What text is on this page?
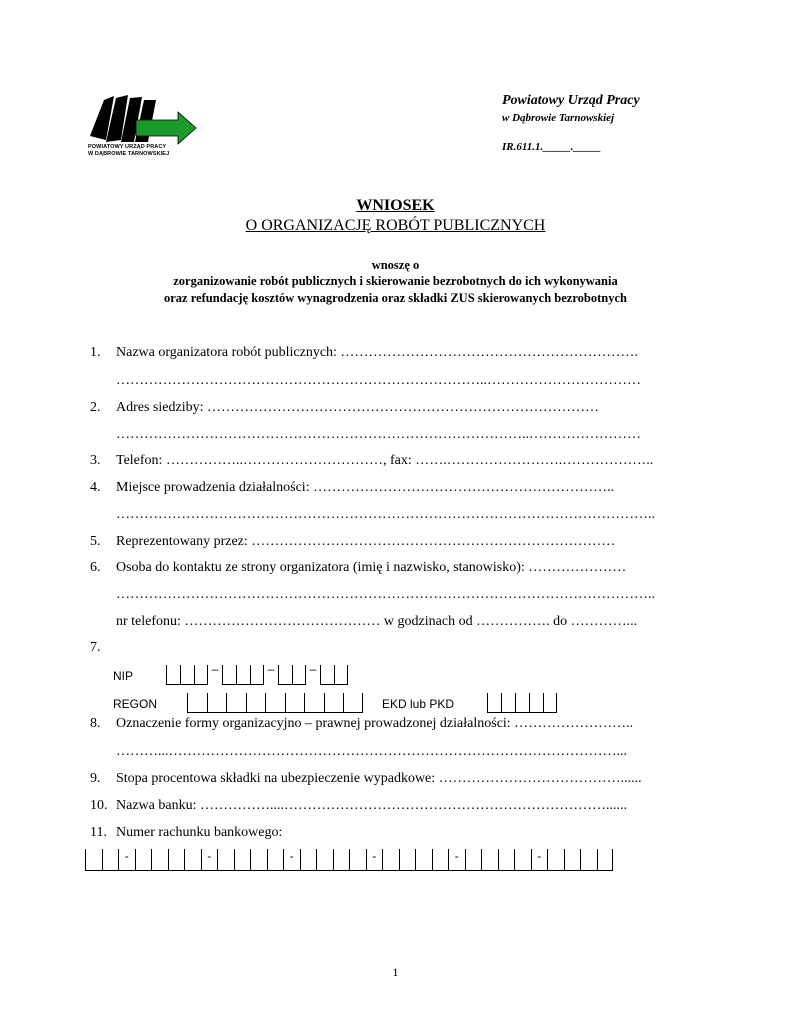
POWIATOWY URZĄD PRACY
W DĄBROWIE TARNOWSKIEJ
Powiatowy Urząd Pracy
w Dąbrowie Tarnowskiej
IR.611.1._____._____
WNIOSEK
O ORGANIZACJĘ ROBÓT PUBLICZNYCH
wnoszę o
zorganizowanie robót publicznych i skierowanie bezrobotnych do ich wykonywania
oraz refundację kosztów wynagrodzenia oraz składki ZUS skierowanych bezrobotnych
1. Nazwa organizatora robót publicznych: ……………………………………………………….
……………………………………………………………………..……………………………
2. Adres siedziby: …………………………………………………………………………
……………………………………………………………………………..……………………
3. Telefon: ……………..…………………………, fax: …….…………………….………………..
4. Miejsce prowadzenia działalności: ………………………………………………………..
……………………………………………………………………………………………………..
5. Reprezentowany przez: ……………………………………………………………………
6. Osoba do kontaktu ze strony organizatora (imię i nazwisko, stanowisko): …………………
……………………………………………………………………………………………………..
nr telefonu: …………………………………… w godzinach od ……………. do …………...
7.
NIP	–	–	–
REGON	EKD lub PKD
8. Oznaczenie formy organizacyjno – prawnej prowadzonej działalności: ……………………..
………...……………………………………………………………………………………...
9. Stopa procentowa składki na ubezpieczenie wypadkowe: …………………………………......
10. Nazwa banku: ……………....……………………………………………………………......
11. Numer rachunku bankowego:
-	-	-	-	-	-
1
